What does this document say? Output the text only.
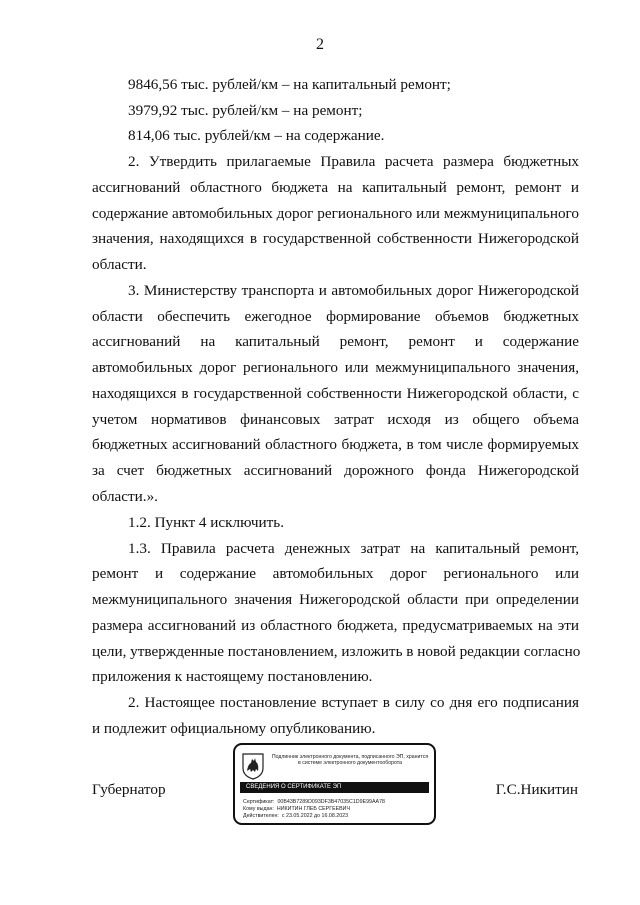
2
9846,56 тыс. рублей/км – на капитальный ремонт;
3979,92 тыс. рублей/км – на ремонт;
814,06 тыс. рублей/км – на содержание.
2. Утвердить прилагаемые Правила расчета размера бюджетных
ассигнований областного бюджета на капитальный ремонт, ремонт и
содержание автомобильных дорог регионального или межмуниципального
значения, находящихся в государственной собственности Нижегородской
области.
3. Министерству транспорта и автомобильных дорог Нижегородской
области обеспечить ежегодное формирование объемов бюджетных
ассигнований на капитальный ремонт, ремонт и содержание
автомобильных дорог регионального или межмуниципального значения,
находящихся в государственной собственности Нижегородской области, с
учетом нормативов финансовых затрат исходя из общего объема
бюджетных ассигнований областного бюджета, в том числе формируемых
за счет бюджетных ассигнований дорожного фонда Нижегородской
области.».
1.2. Пункт 4 исключить.
1.3. Правила расчета денежных затрат на капитальный ремонт,
ремонт и содержание автомобильных дорог регионального или
межмуниципального значения Нижегородской области при определении
размера ассигнований из областного бюджета, предусматриваемых на эти
цели, утвержденные постановлением, изложить в новой редакции согласно
приложения к настоящему постановлению.
2. Настоящее постановление вступает в силу со дня его подписания
и подлежит официальному опубликованию.
Губернатор	Г.С.Никитин
Подлинник электронного документа, подписанного ЭП, хранится в системе электронного документооборота
СВЕДЕНИЯ О СЕРТИФИКАТЕ ЭП
Сертификат: 00B43B7289D093DF3B47035C1D9E99AA78
Кому выдан: НИКИТИН ГЛЕБ СЕРГЕЕВИЧ
Действителен: с 23.05.2022 до 16.08.2023
